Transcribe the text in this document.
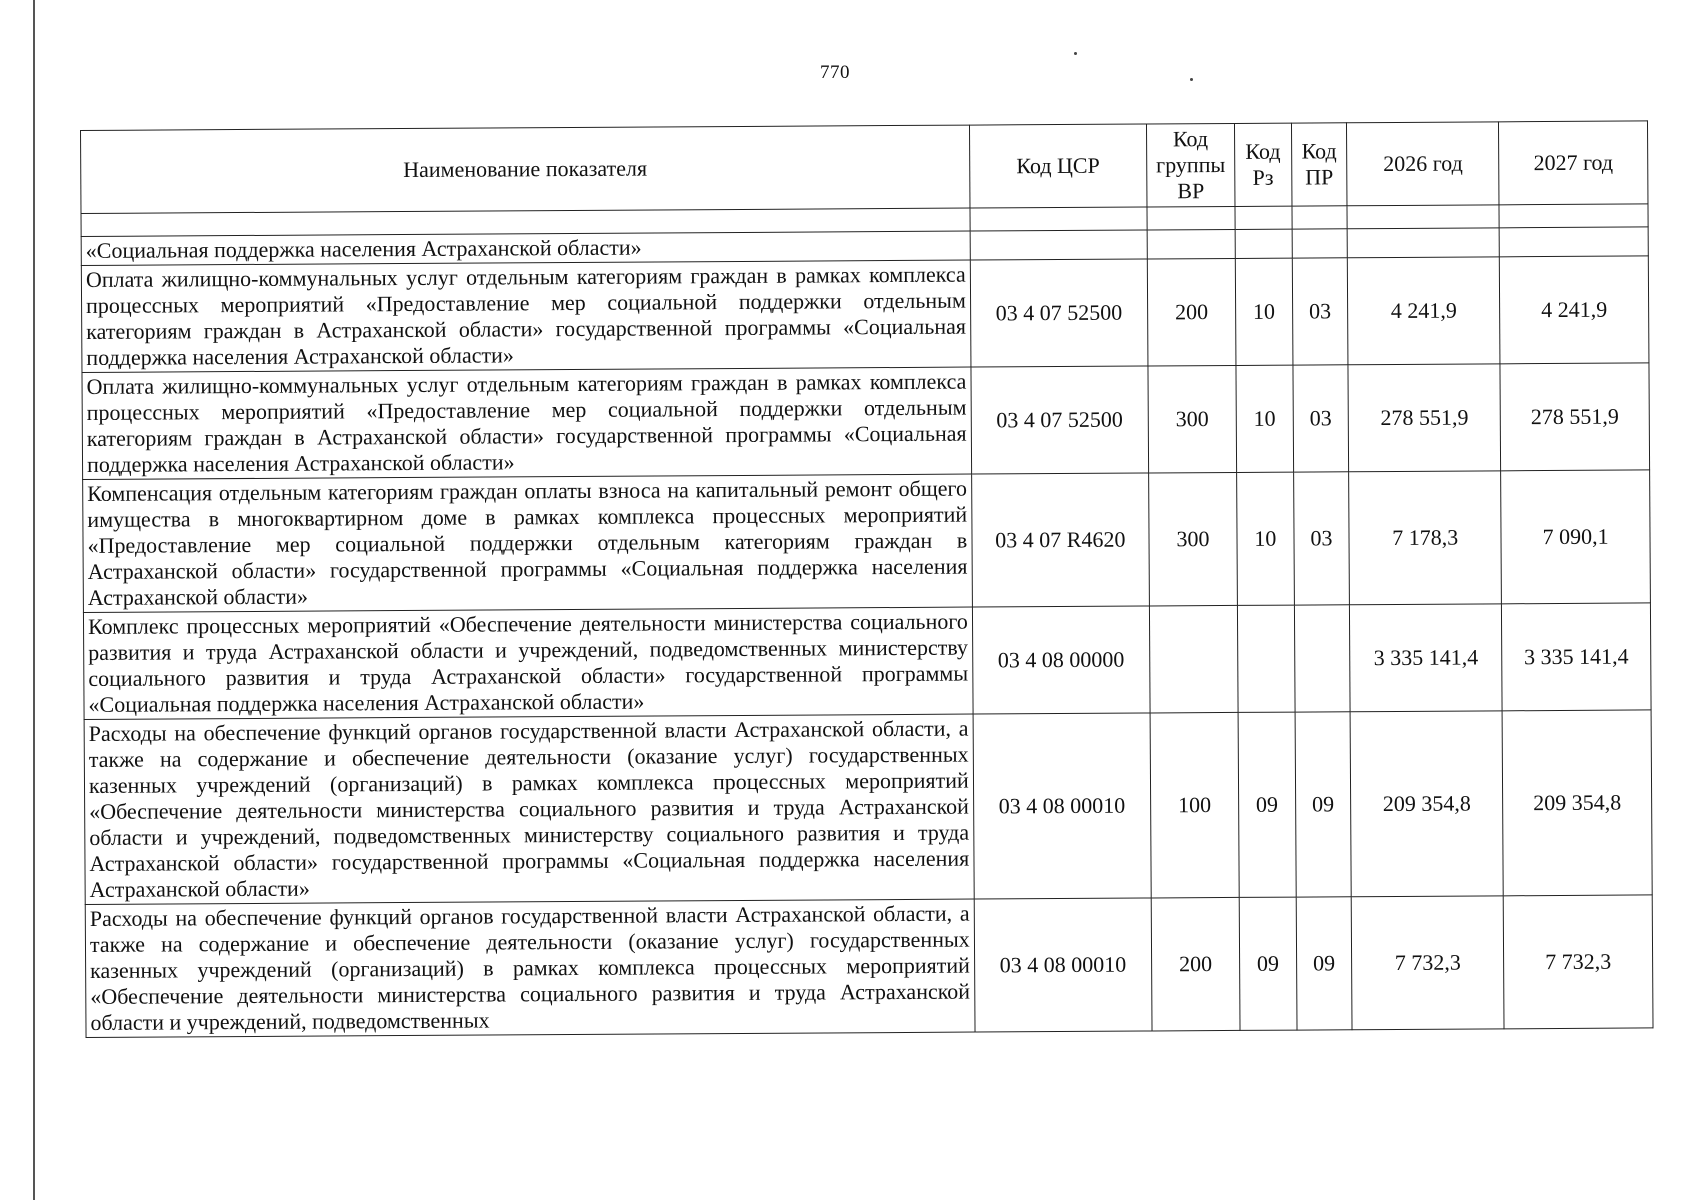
770
Наименование показателя	Код ЦСР	Код группы ВР	Код Рз	Код ПР	2026 год	2027 год

«Социальная поддержка населения Астраханской области»						
Оплата жилищно-коммунальных услуг отдельным категориям граждан в рамках комплекса процессных мероприятий «Предоставление мер социальной поддержки отдельным категориям граждан в Астраханской области» государственной программы «Социальная поддержка населения Астраханской области»	03 4 07 52500	200	10	03	4 241,9	4 241,9
Оплата жилищно-коммунальных услуг отдельным категориям граждан в рамках комплекса процессных мероприятий «Предоставление мер социальной поддержки отдельным категориям граждан в Астраханской области» государственной программы «Социальная поддержка населения Астраханской области»	03 4 07 52500	300	10	03	278 551,9	278 551,9
Компенсация отдельным категориям граждан оплаты взноса на капитальный ремонт общего имущества в многоквартирном доме в рамках комплекса процессных мероприятий «Предоставление мер социальной поддержки отдельным категориям граждан в Астраханской области» государственной программы «Социальная поддержка населения Астраханской области»	03 4 07 R4620	300	10	03	7 178,3	7 090,1
Комплекс процессных мероприятий «Обеспечение деятельности министерства социального развития и труда Астраханской области и учреждений, подведомственных министерству социального развития и труда Астраханской области» государственной программы «Социальная поддержка населения Астраханской области»	03 4 08 00000				3 335 141,4	3 335 141,4
Расходы на обеспечение функций органов государственной власти Астраханской области, а также на содержание и обеспечение деятельности (оказание услуг) государственных казенных учреждений (организаций) в рамках комплекса процессных мероприятий «Обеспечение деятельности министерства социального развития и труда Астраханской области и учреждений, подведомственных министерству социального развития и труда Астраханской области» государственной программы «Социальная поддержка населения Астраханской области»	03 4 08 00010	100	09	09	209 354,8	209 354,8
Расходы на обеспечение функций органов государственной власти Астраханской области, а также на содержание и обеспечение деятельности (оказание услуг) государственных казенных учреждений (организаций) в рамках комплекса процессных мероприятий «Обеспечение деятельности министерства социального развития и труда Астраханской области и учреждений, подведомственных	03 4 08 00010	200	09	09	7 732,3	7 732,3
